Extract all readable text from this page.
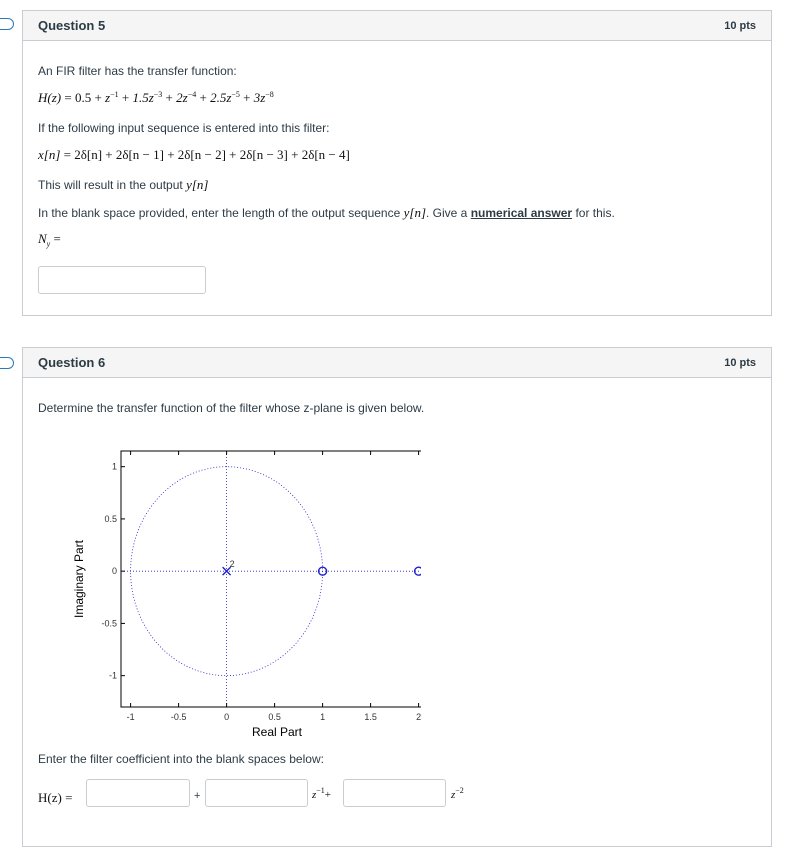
Question 5	10 pts
An FIR filter has the transfer function:
$H(z) = 0.5 + z^{-1} + 1.5z^{-3} + 2z^{-4} + 2.5z^{-5} + 3z^{-8}$
If the following input sequence is entered into this filter:
x[n] = 2δ[n] + 2δ[n − 1] + 2δ[n − 2] + 2δ[n − 3] + 2δ[n − 4]
This will result in the output y[n]
In the blank space provided, enter the length of the output sequence y[n]. Give a numerical answer for this.
$N_y$ =
Question 6	10 pts
Determine the transfer function of the filter whose z-plane is given below.
-1	-0.5	0	0.5	1	1.5	2
-1
-0.5
0
0.5
1
Real Part
Imaginary Part	2
Enter the filter coefficient into the blank spaces below:
H(z) =	+	$z^{-1}+$	$z^{-2}$
